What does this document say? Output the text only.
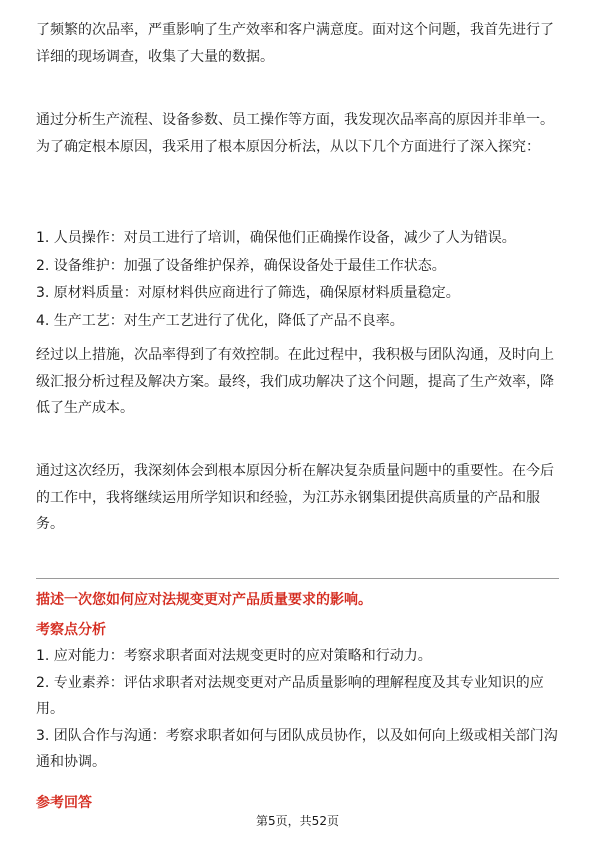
了频繁的次品率，严重影响了生产效率和客户满意度。面对这个问题，我首先进行了详细的现场调查，收集了大量的数据。

通过分析生产流程、设备参数、员工操作等方面，我发现次品率高的原因并非单一。为了确定根本原因，我采用了根本原因分析法，从以下几个方面进行了深入探究：

1. 人员操作：对员工进行了培训，确保他们正确操作设备，减少了人为错误。

2. 设备维护：加强了设备维护保养，确保设备处于最佳工作状态。

3. 原材料质量：对原材料供应商进行了筛选，确保原材料质量稳定。

4. 生产工艺：对生产工艺进行了优化，降低了产品不良率。

经过以上措施，次品率得到了有效控制。在此过程中，我积极与团队沟通，及时向上级汇报分析过程及解决方案。最终，我们成功解决了这个问题，提高了生产效率，降低了生产成本。

通过这次经历，我深刻体会到根本原因分析在解决复杂质量问题中的重要性。在今后的工作中，我将继续运用所学知识和经验，为江苏永钢集团提供高质量的产品和服务。

描述一次您如何应对法规变更对产品质量要求的影响。
考察点分析

1. 应对能力：考察求职者面对法规变更时的应对策略和行动力。

2. 专业素养：评估求职者对法规变更对产品质量影响的理解程度及其专业知识的应用。

3. 团队合作与沟通：考察求职者如何与团队成员协作，以及如何向上级或相关部门沟通和协调。

参考回答
第5页，共52页
